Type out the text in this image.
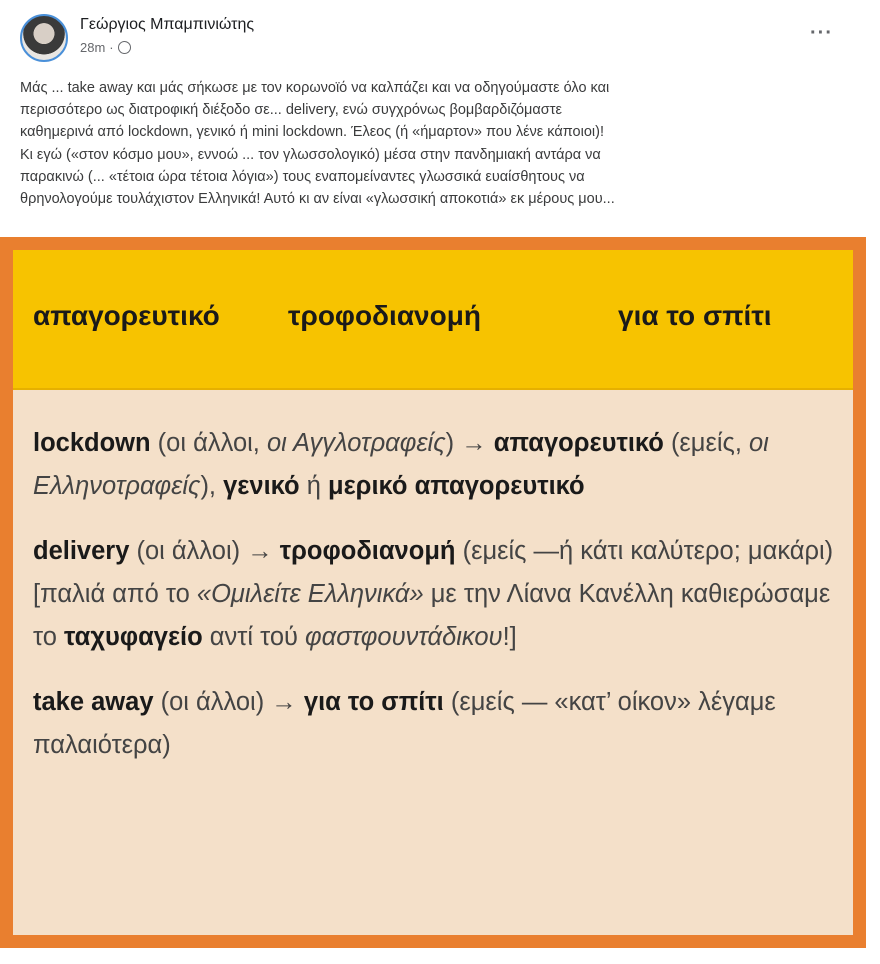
Γεώργιος Μπαμπινιώτης
28m ·
···
Μάς ... take away και μάς σήκωσε με τον κορωνοϊό να καλπάζει και να οδηγούμαστε όλο και
περισσότερο ως διατροφική διέξοδο σε... delivery, ενώ συγχρόνως βομβαρδιζόμαστε
καθημερινά από lockdown, γενικό ή mini lockdown. Έλεος (ή «ήμαρτον» που λένε κάποιοι)!
Κι εγώ («στον κόσμο μου», εννοώ ... τον γλωσσολογικό) μέσα στην πανδημιακή αντάρα να
παρακινώ (... «τέτοια ώρα τέτοια λόγια») τους εναπομείναντες γλωσσικά ευαίσθητους να
θρηνολογούμε τουλάχιστον Ελληνικά! Αυτό κι αν είναι «γλωσσική αποκοτιά» εκ μέρους μου...
απαγορευτικό τροφοδιανομή	για το σπίτι

lockdown (οι άλλοι, οι Αγγλοτραφείς) → απαγορευτικό (εμείς, οι Ελληνοτραφείς), γενικό ή μερικό απαγορευτικό

delivery (οι άλλοι) → τροφοδιανομή (εμείς —ή κάτι καλύτερο; μακάρι) [παλιά από το «Ομιλείτε Ελληνικά» με την Λίανα Κανέλλη καθιερώσαμε το ταχυφαγείο αντί τού φαστφουντάδικου!]

take away (οι άλλοι) → για το σπίτι (εμείς — «κατ’ οίκον» λέγαμε παλαιότερα)
